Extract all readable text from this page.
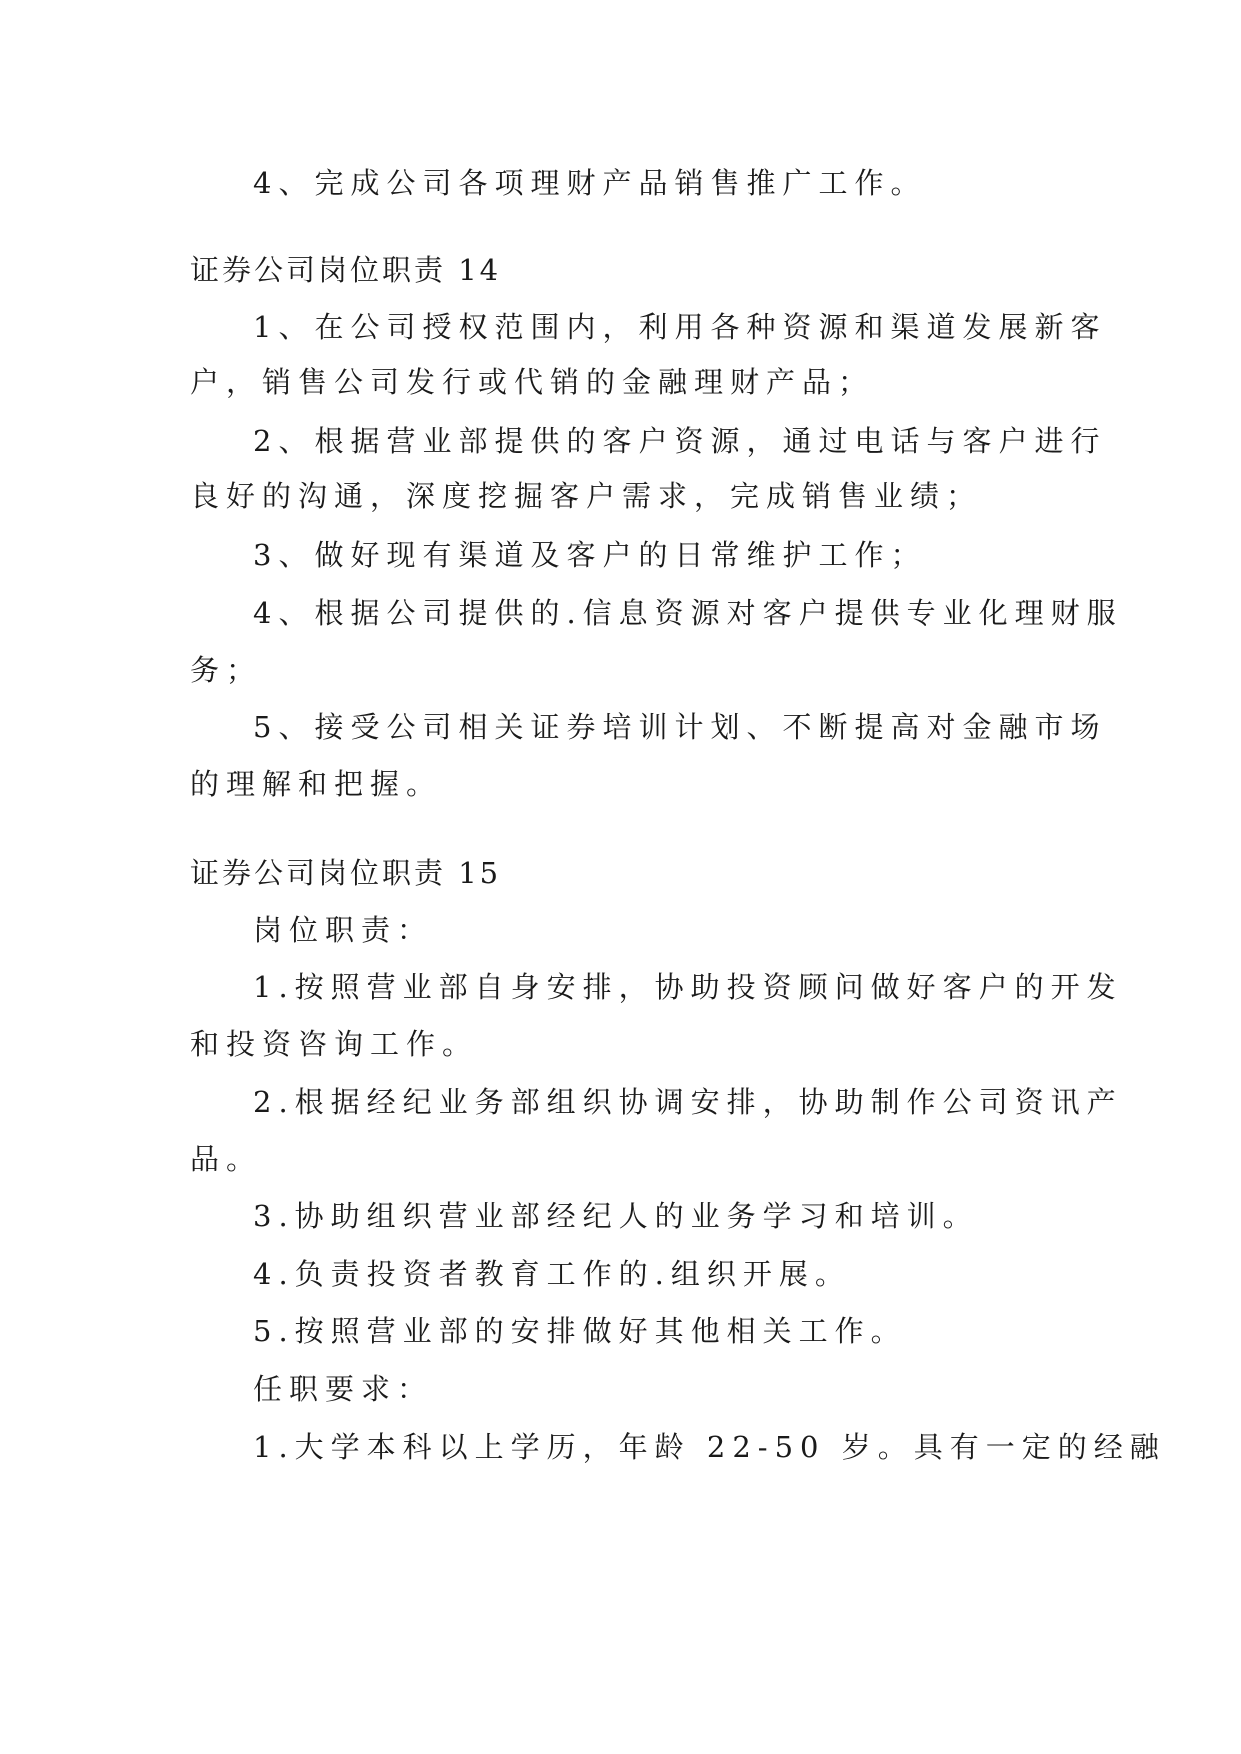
4、完成公司各项理财产品销售推广工作。
证券公司岗位职责 14
1、在公司授权范围内，利用各种资源和渠道发展新客
户，销售公司发行或代销的金融理财产品；
2、根据营业部提供的客户资源，通过电话与客户进行
良好的沟通，深度挖掘客户需求，完成销售业绩；
3、做好现有渠道及客户的日常维护工作；
4、根据公司提供的.信息资源对客户提供专业化理财服
务；
5、接受公司相关证券培训计划、不断提高对金融市场
的理解和把握。
证券公司岗位职责 15
岗位职责：
1.按照营业部自身安排，协助投资顾问做好客户的开发
和投资咨询工作。
2.根据经纪业务部组织协调安排，协助制作公司资讯产
品。
3.协助组织营业部经纪人的业务学习和培训。
4.负责投资者教育工作的.组织开展。
5.按照营业部的安排做好其他相关工作。
任职要求：
1.大学本科以上学历，年龄 22-50 岁。具有一定的经融
